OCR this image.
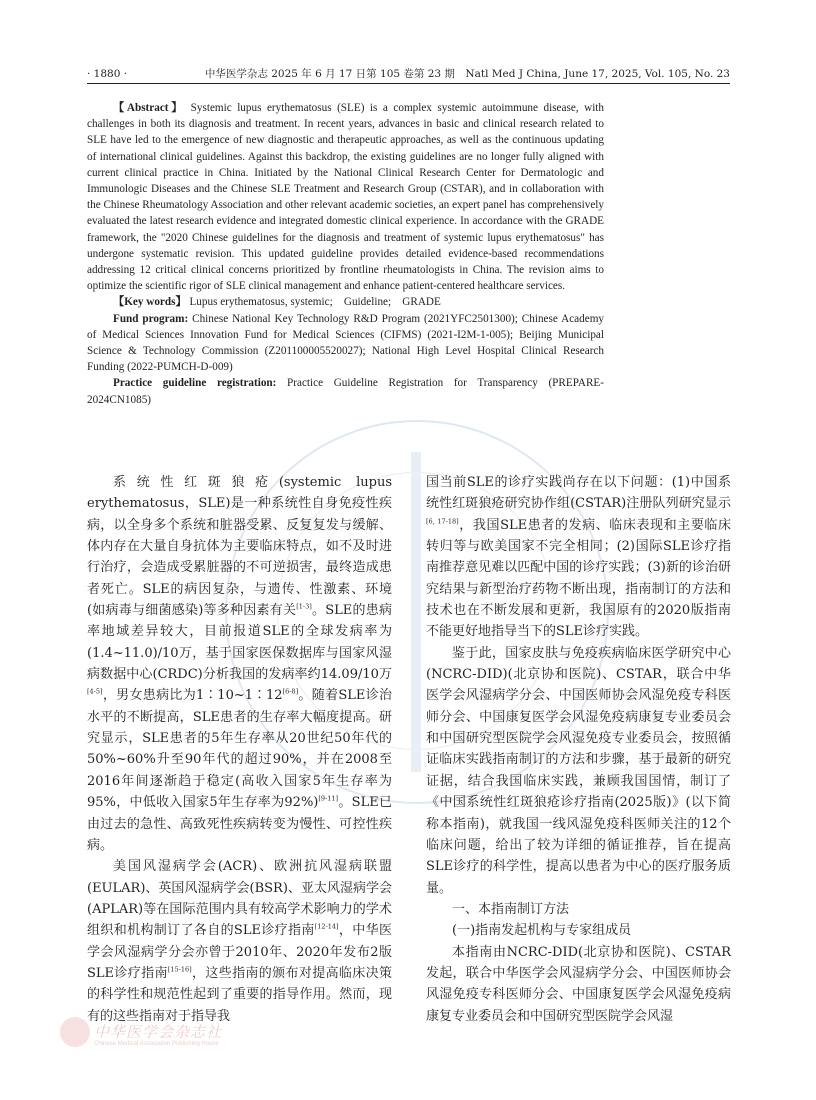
· 1880 ·	中华医学杂志 2025 年 6 月 17 日第 105 卷第 23 期　Natl Med J China, June 17, 2025, Vol. 105, No. 23

【Abstract】 Systemic lupus erythematosus (SLE) is a complex systemic autoimmune disease, with challenges in both its diagnosis and treatment. In recent years, advances in basic and clinical research related to SLE have led to the emergence of new diagnostic and therapeutic approaches, as well as the continuous updating of international clinical guidelines. Against this backdrop, the existing guidelines are no longer fully aligned with current clinical practice in China. Initiated by the National Clinical Research Center for Dermatologic and Immunologic Diseases and the Chinese SLE Treatment and Research Group (CSTAR), and in collaboration with the Chinese Rheumatology Association and other relevant academic societies, an expert panel has comprehensively evaluated the latest research evidence and integrated domestic clinical experience. In accordance with the GRADE framework, the "2020 Chinese guidelines for the diagnosis and treatment of systemic lupus erythematosus" has undergone systematic revision. This updated guideline provides detailed evidence-based recommendations addressing 12 critical clinical concerns prioritized by frontline rheumatologists in China. The revision aims to optimize the scientific rigor of SLE clinical management and enhance patient-centered healthcare services.

【Key words】 Lupus erythematosus, systemic;　Guideline;　GRADE

Fund program: Chinese National Key Technology R&D Program (2021YFC2501300); Chinese Academy of Medical Sciences Innovation Fund for Medical Sciences (CIFMS) (2021-I2M-1-005); Beijing Municipal Science & Technology Commission (Z201100005520027); National High Level Hospital Clinical Research Funding (2022-PUMCH-D-009)

Practice guideline registration: Practice Guideline Registration for Transparency (PREPARE-2024CN1085)

系统性红斑狼疮(systemic lupus erythematosus，SLE)是一种系统性自身免疫性疾病，以全身多个系统和脏器受累、反复复发与缓解、体内存在大量自身抗体为主要临床特点，如不及时进行治疗，会造成受累脏器的不可逆损害，最终造成患者死亡。SLE的病因复杂，与遗传、性激素、环境(如病毒与细菌感染)等多种因素有关[1-3]。SLE的患病率地域差异较大，目前报道SLE的全球发病率为(1.4~11.0)/10万，基于国家医保数据库与国家风湿病数据中心(CRDC)分析我国的发病率约14.09/10万[4-5]，男女患病比为1∶10~1∶12[6-8]。随着SLE诊治水平的不断提高，SLE患者的生存率大幅度提高。研究显示，SLE患者的5年生存率从20世纪50年代的50%~60%升至90年代的超过90%，并在2008至2016年间逐渐趋于稳定(高收入国家5年生存率为95%，中低收入国家5年生存率为92%)[9-11]。SLE已由过去的急性、高致死性疾病转变为慢性、可控性疾病。

美国风湿病学会(ACR)、欧洲抗风湿病联盟(EULAR)、英国风湿病学会(BSR)、亚太风湿病学会(APLAR)等在国际范围内具有较高学术影响力的学术组织和机构制订了各自的SLE诊疗指南[12-14]，中华医学会风湿病学分会亦曾于2010年、2020年发布2版SLE诊疗指南[15-16]，这些指南的颁布对提高临床决策的科学性和规范性起到了重要的指导作用。然而，现有的这些指南对于指导我

国当前SLE的诊疗实践尚存在以下问题：(1)中国系统性红斑狼疮研究协作组(CSTAR)注册队列研究显示[6, 17-18]，我国SLE患者的发病、临床表现和主要临床转归等与欧美国家不完全相同；(2)国际SLE诊疗指南推荐意见难以匹配中国的诊疗实践；(3)新的诊治研究结果与新型治疗药物不断出现，指南制订的方法和技术也在不断发展和更新，我国原有的2020版指南不能更好地指导当下的SLE诊疗实践。

鉴于此，国家皮肤与免疫疾病临床医学研究中心(NCRC-DID)(北京协和医院)、CSTAR，联合中华医学会风湿病学分会、中国医师协会风湿免疫专科医师分会、中国康复医学会风湿免疫病康复专业委员会和中国研究型医院学会风湿免疫专业委员会，按照循证临床实践指南制订的方法和步骤，基于最新的研究证据，结合我国临床实践，兼顾我国国情，制订了《中国系统性红斑狼疮诊疗指南(2025版)》(以下简称本指南)，就我国一线风湿免疫科医师关注的12个临床问题，给出了较为详细的循证推荐，旨在提高SLE诊疗的科学性，提高以患者为中心的医疗服务质量。

一、本指南制订方法

(一)指南发起机构与专家组成员

本指南由NCRC-DID(北京协和医院)、CSTAR发起，联合中华医学会风湿病学分会、中国医师协会风湿免疫专科医师分会、中国康复医学会风湿免疫病康复专业委员会和中国研究型医院学会风湿

中华医学会杂志社
Chinese Medical Association Publishing House
